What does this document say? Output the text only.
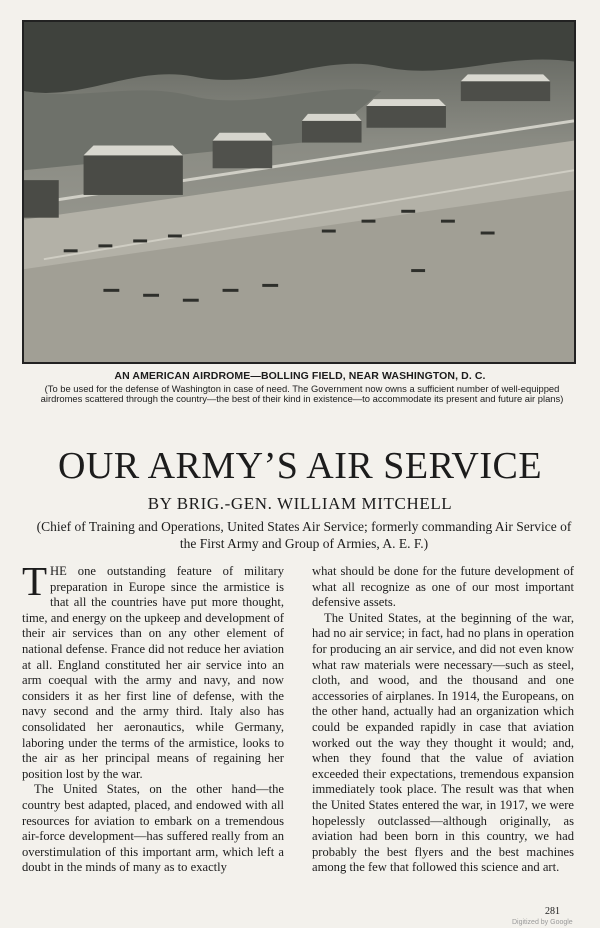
AN AMERICAN AIRDROME—BOLLING FIELD, NEAR WASHINGTON, D. C.

(To be used for the defense of Washington in case of need. The Government now owns a sufficient number of well-equipped airdromes scattered through the country—the best of their kind in existence—to accommodate its present and future air plans)

OUR ARMY’S AIR SERVICE
BY BRIG.-GEN. WILLIAM MITCHELL

(Chief of Training and Operations, United States Air Service; formerly commanding Air Service of the First Army and Group of Armies, A. E. F.)

THE one outstanding feature of military preparation in Europe since the armistice is that all the countries have put more thought, time, and energy on the upkeep and development of their air services than on any other element of national defense. France did not reduce her aviation at all. England constituted her air service into an arm coequal with the army and navy, and now considers it as her first line of defense, with the navy second and the army third. Italy also has consolidated her aeronautics, while Germany, laboring under the terms of the armistice, looks to the air as her principal means of regaining her position lost by the war.

The United States, on the other hand—the country best adapted, placed, and endowed with all resources for aviation to embark on a tremendous air-force development—has suffered really from an overstimulation of this important arm, which left a doubt in the minds of many as to exactly

what should be done for the future development of what all recognize as one of our most important defensive assets.

The United States, at the beginning of the war, had no air service; in fact, had no plans in operation for producing an air service, and did not even know what raw materials were necessary—such as steel, cloth, and wood, and the thousand and one accessories of airplanes. In 1914, the Europeans, on the other hand, actually had an organization which could be expanded rapidly in case that aviation worked out the way they thought it would; and, when they found that the value of aviation exceeded their expectations, tremendous expansion immediately took place. The result was that when the United States entered the war, in 1917, we were hopelessly outclassed—although originally, as aviation had been born in this country, we had probably the best flyers and the best machines among the few that followed this science and art.

281
Digitized by Google
